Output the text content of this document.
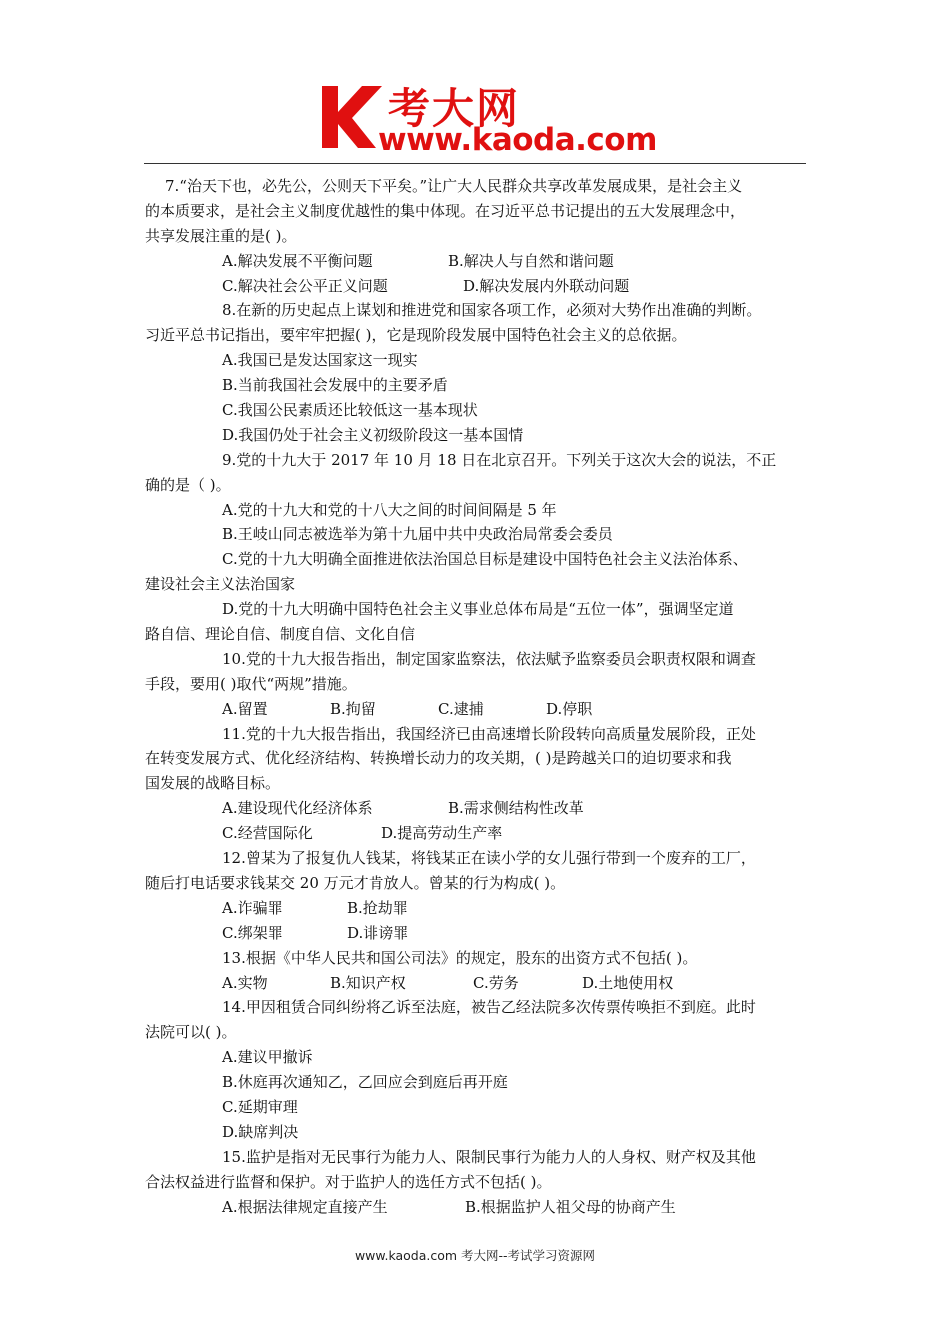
考大网
www.kaoda.com
7.“治天下也，必先公，公则天下平矣。”让广大人民群众共享改革发展成果，是社会主义
的本质要求，是社会主义制度优越性的集中体现。在习近平总书记提出的五大发展理念中，
共享发展注重的是( )。
A.解决发展不平衡问题	B.解决人与自然和谐问题
C.解决社会公平正义问题	D.解决发展内外联动问题
8.在新的历史起点上谋划和推进党和国家各项工作，必须对大势作出准确的判断。
习近平总书记指出，要牢牢把握( )，它是现阶段发展中国特色社会主义的总依据。
A.我国已是发达国家这一现实
B.当前我国社会发展中的主要矛盾
C.我国公民素质还比较低这一基本现状
D.我国仍处于社会主义初级阶段这一基本国情
9.党的十九大于 2017 年 10 月 18 日在北京召开。下列关于这次大会的说法，不正
确的是（ )。
A.党的十九大和党的十八大之间的时间间隔是 5 年
B.王岐山同志被选举为第十九届中共中央政治局常委会委员
C.党的十九大明确全面推进依法治国总目标是建设中国特色社会主义法治体系、
建设社会主义法治国家
D.党的十九大明确中国特色社会主义事业总体布局是“五位一体”，强调坚定道
路自信、理论自信、制度自信、文化自信
10.党的十九大报告指出，制定国家监察法，依法赋予监察委员会职责权限和调查
手段，要用( )取代“两规”措施。
A.留置	B.拘留	C.逮捕	D.停职
11.党的十九大报告指出，我国经济已由高速增长阶段转向高质量发展阶段，正处
在转变发展方式、优化经济结构、转换增长动力的攻关期，( )是跨越关口的迫切要求和我
国发展的战略目标。
A.建设现代化经济体系	B.需求侧结构性改革
C.经营国际化	D.提高劳动生产率
12.曾某为了报复仇人钱某，将钱某正在读小学的女儿强行带到一个废弃的工厂，
随后打电话要求钱某交 20 万元才肯放人。曾某的行为构成( )。
A.诈骗罪	B.抢劫罪
C.绑架罪	D.诽谤罪
13.根据《中华人民共和国公司法》的规定，股东的出资方式不包括( )。
A.实物	B.知识产权	C.劳务	D.土地使用权
14.甲因租赁合同纠纷将乙诉至法庭，被告乙经法院多次传票传唤拒不到庭。此时
法院可以( )。
A.建议甲撤诉
B.休庭再次通知乙，乙回应会到庭后再开庭
C.延期审理
D.缺席判决
15.监护是指对无民事行为能力人、限制民事行为能力人的人身权、财产权及其他
合法权益进行监督和保护。对于监护人的选任方式不包括( )。
A.根据法律规定直接产生	B.根据监护人祖父母的协商产生
www.kaoda.com 考大网--考试学习资源网
